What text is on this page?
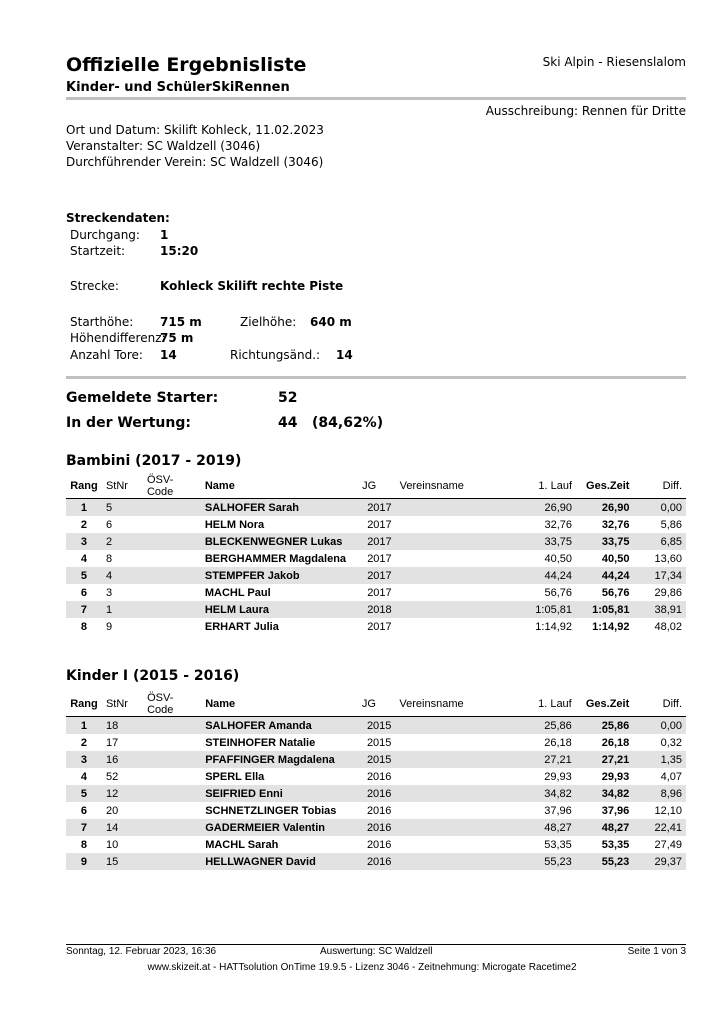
Offizielle Ergebnisliste
Kinder- und SchülerSkiRennen
Ski Alpin - Riesenslalom
Ausschreibung: Rennen für Dritte
Ort und Datum: Skilift Kohleck, 11.02.2023
Veranstalter: SC Waldzell (3046)
Durchführender Verein: SC Waldzell (3046)
Streckendaten:
Durchgang: 1
Startzeit:	15:20
Strecke:	Kohleck Skilift rechte Piste
Starthöhe: 715 m	Zielhöhe: 640 m
Höhendifferenz:
75 m
Anzahl Tore: 14	Richtungsänd.: 14
Gemeldete Starter:	52
In der Wertung:	44 (84,62%)
Bambini (2017 - 2019)
Rang	StNr	ÖSV-Code	Name	JG	Vereinsname	1. Lauf	Ges.Zeit	Diff.
1	5		SALHOFER Sarah	2017		26,90	26,90	0,00
2	6		HELM Nora	2017		32,76	32,76	5,86
3	2		BLECKENWEGNER Lukas	2017		33,75	33,75	6,85
4	8		BERGHAMMER Magdalena	2017		40,50	40,50	13,60
5	4		STEMPFER Jakob	2017		44,24	44,24	17,34
6	3		MACHL Paul	2017		56,76	56,76	29,86
7	1		HELM Laura	2018		1:05,81	1:05,81	38,91
8	9		ERHART Julia	2017		1:14,92	1:14,92	48,02
Kinder I (2015 - 2016)
Rang	StNr	ÖSV-Code	Name	JG	Vereinsname	1. Lauf	Ges.Zeit	Diff.
1	18		SALHOFER Amanda	2015		25,86	25,86	0,00
2	17		STEINHOFER Natalie	2015		26,18	26,18	0,32
3	16		PFAFFINGER Magdalena	2015		27,21	27,21	1,35
4	52		SPERL Ella	2016		29,93	29,93	4,07
5	12		SEIFRIED Enni	2016		34,82	34,82	8,96
6	20		SCHNETZLINGER Tobias	2016		37,96	37,96	12,10
7	14		GADERMEIER Valentin	2016		48,27	48,27	22,41
8	10		MACHL Sarah	2016		53,35	53,35	27,49
9	15		HELLWAGNER David	2016		55,23	55,23	29,37
Sonntag, 12. Februar 2023, 16:36	Auswertung: SC Waldzell	Seite 1 von 3
www.skizeit.at - HATTsolution OnTime 19.9.5 - Lizenz 3046 - Zeitnehmung: Microgate Racetime2
